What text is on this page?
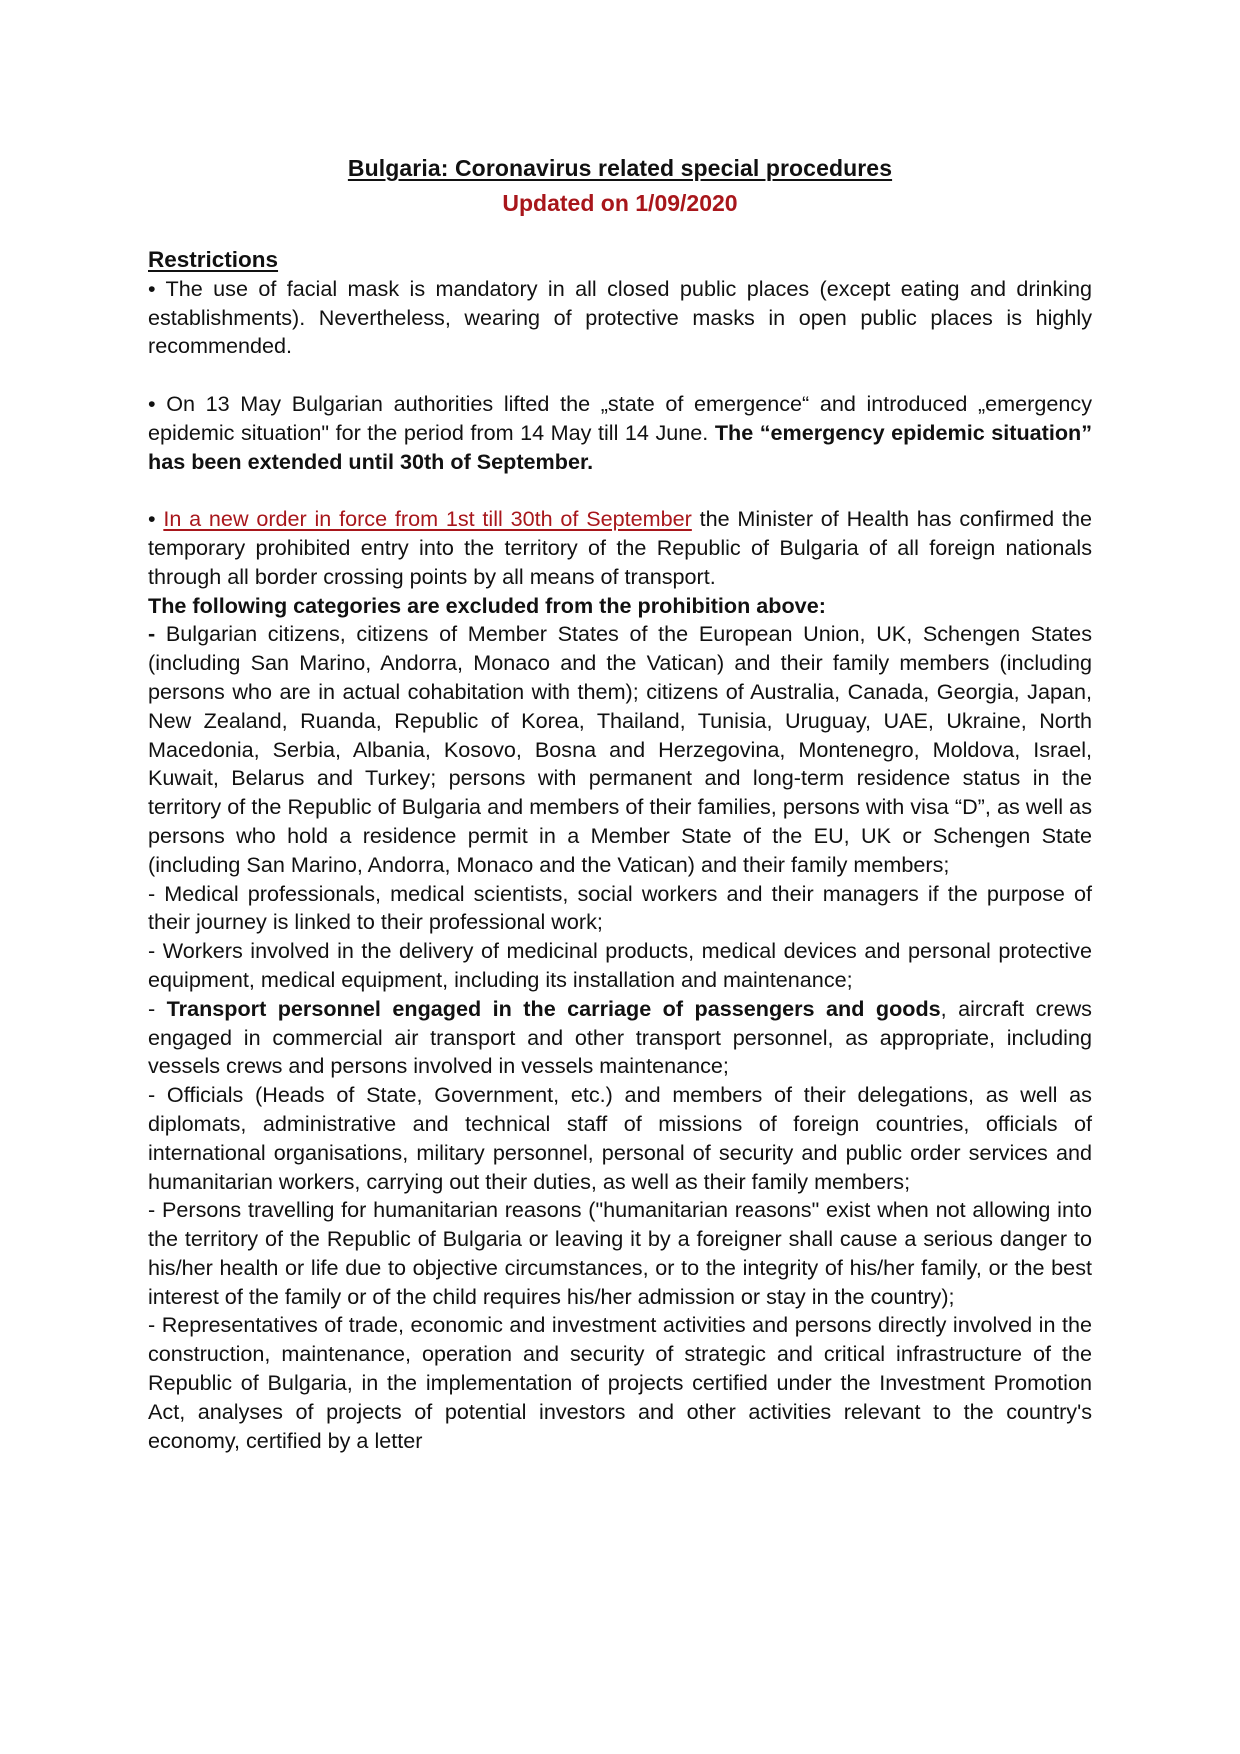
Bulgaria: Coronavirus related special procedures
Updated on 1/09/2020
Restrictions

• The use of facial mask is mandatory in all closed public places (except eating and drinking establishments). Nevertheless, wearing of protective masks in open public places is highly recommended.

• On 13 May Bulgarian authorities lifted the „state of emergence“ and introduced „emergency epidemic situation" for the period from 14 May till 14 June. The “emergency epidemic situation” has been extended until 30th of September.

• In a new order in force from 1st till 30th of September the Minister of Health has confirmed the temporary prohibited entry into the territory of the Republic of Bulgaria of all foreign nationals through all border crossing points by all means of transport.

The following categories are excluded from the prohibition above:

- Bulgarian citizens, citizens of Member States of the European Union, UK, Schengen States (including San Marino, Andorra, Monaco and the Vatican) and their family members (including persons who are in actual cohabitation with them); citizens of Australia, Canada, Georgia, Japan, New Zealand, Ruanda, Republic of Korea, Thailand, Tunisia, Uruguay, UAE, Ukraine, North Macedonia, Serbia, Albania, Kosovo, Bosna and Herzegovina, Montenegro, Moldova, Israel, Kuwait, Belarus and Turkey; persons with permanent and long-term residence status in the territory of the Republic of Bulgaria and members of their families, persons with visa “D”, as well as persons who hold a residence permit in a Member State of the EU, UK or Schengen State (including San Marino, Andorra, Monaco and the Vatican) and their family members;

- Medical professionals, medical scientists, social workers and their managers if the purpose of their journey is linked to their professional work;

- Workers involved in the delivery of medicinal products, medical devices and personal protective equipment, medical equipment, including its installation and maintenance;

- Transport personnel engaged in the carriage of passengers and goods, aircraft crews engaged in commercial air transport and other transport personnel, as appropriate, including vessels crews and persons involved in vessels maintenance;

- Officials (Heads of State, Government, etc.) and members of their delegations, as well as diplomats, administrative and technical staff of missions of foreign countries, officials of international organisations, military personnel, personal of security and public order services and humanitarian workers, carrying out their duties, as well as their family members;

- Persons travelling for humanitarian reasons ("humanitarian reasons" exist when not allowing into the territory of the Republic of Bulgaria or leaving it by a foreigner shall cause a serious danger to his/her health or life due to objective circumstances, or to the integrity of his/her family, or the best interest of the family or of the child requires his/her admission or stay in the country);

- Representatives of trade, economic and investment activities and persons directly involved in the construction, maintenance, operation and security of strategic and critical infrastructure of the Republic of Bulgaria, in the implementation of projects certified under the Investment Promotion Act, analyses of projects of potential investors and other activities relevant to the country's economy, certified by a letter
